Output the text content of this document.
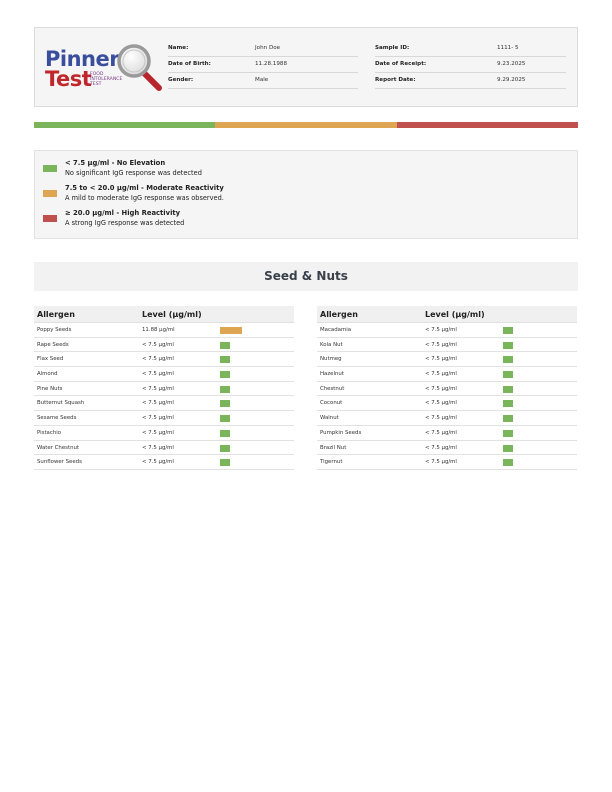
Pinner
Test
FOOD
INTOLERANCE
TEST
Name:	John Doe
Date of Birth:	11.28.1988
Gender:	Male
Sample ID:	1111- 5
Date of Receipt:	9.23.2025
Report Date:	9.29.2025
< 7.5 µg/ml - No Elevation
No significant IgG response was detected
7.5 to < 20.0 µg/ml - Moderate Reactivity
A mild to moderate IgG response was observed.
≥ 20.0 µg/ml - High Reactivity
A strong IgG response was detected
Seed & Nuts
Allergen	Level (µg/ml)
Poppy Seeds	11.88 µg/ml
Rape Seeds	< 7.5 µg/ml
Flax Seed	< 7.5 µg/ml
Almond	< 7.5 µg/ml
Pine Nuts	< 7.5 µg/ml
Butternut Squash	< 7.5 µg/ml
Sesame Seeds	< 7.5 µg/ml
Pistachio	< 7.5 µg/ml
Water Chestnut	< 7.5 µg/ml
Sunflower Seeds	< 7.5 µg/ml
Allergen	Level (µg/ml)
Macadamia	< 7.5 µg/ml
Kola Nut	< 7.5 µg/ml
Nutmeg	< 7.5 µg/ml
Hazelnut	< 7.5 µg/ml
Chestnut	< 7.5 µg/ml
Coconut	< 7.5 µg/ml
Walnut	< 7.5 µg/ml
Pumpkin Seeds	< 7.5 µg/ml
Brazil Nut	< 7.5 µg/ml
Tigernut	< 7.5 µg/ml
